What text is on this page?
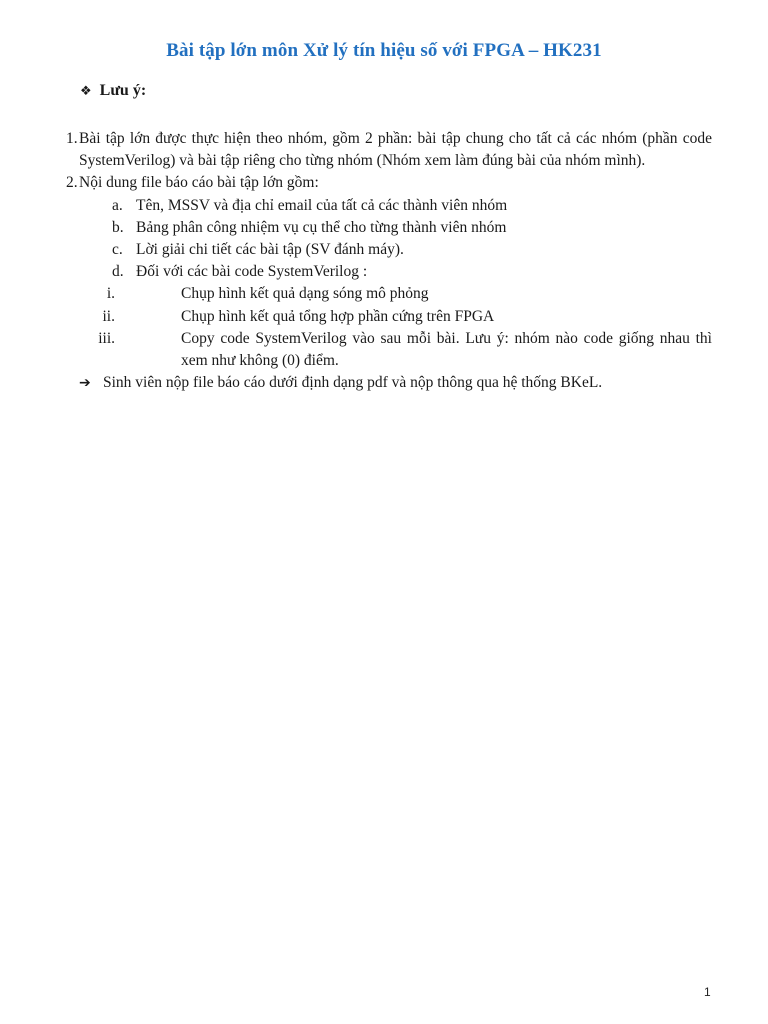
Bài tập lớn môn Xử lý tín hiệu số với FPGA – HK231
❖ Lưu ý:
1. Bài tập lớn được thực hiện theo nhóm, gồm 2 phần: bài tập chung cho tất cả các nhóm (phần code SystemVerilog) và bài tập riêng cho từng nhóm (Nhóm xem làm đúng bài của nhóm mình).
2. Nội dung file báo cáo bài tập lớn gồm:
a. Tên, MSSV và địa chỉ email của tất cả các thành viên nhóm
b. Bảng phân công nhiệm vụ cụ thể cho từng thành viên nhóm
c. Lời giải chi tiết các bài tập (SV đánh máy).
d. Đối với các bài code SystemVerilog :
i.	Chụp hình kết quả dạng sóng mô phỏng
ii.	Chụp hình kết quả tổng hợp phần cứng trên FPGA
iii.	Copy code SystemVerilog vào sau mỗi bài. Lưu ý: nhóm nào code giống nhau thì xem như không (0) điểm.
➔ Sinh viên nộp file báo cáo dưới định dạng pdf và nộp thông qua hệ thống BKeL.
1
